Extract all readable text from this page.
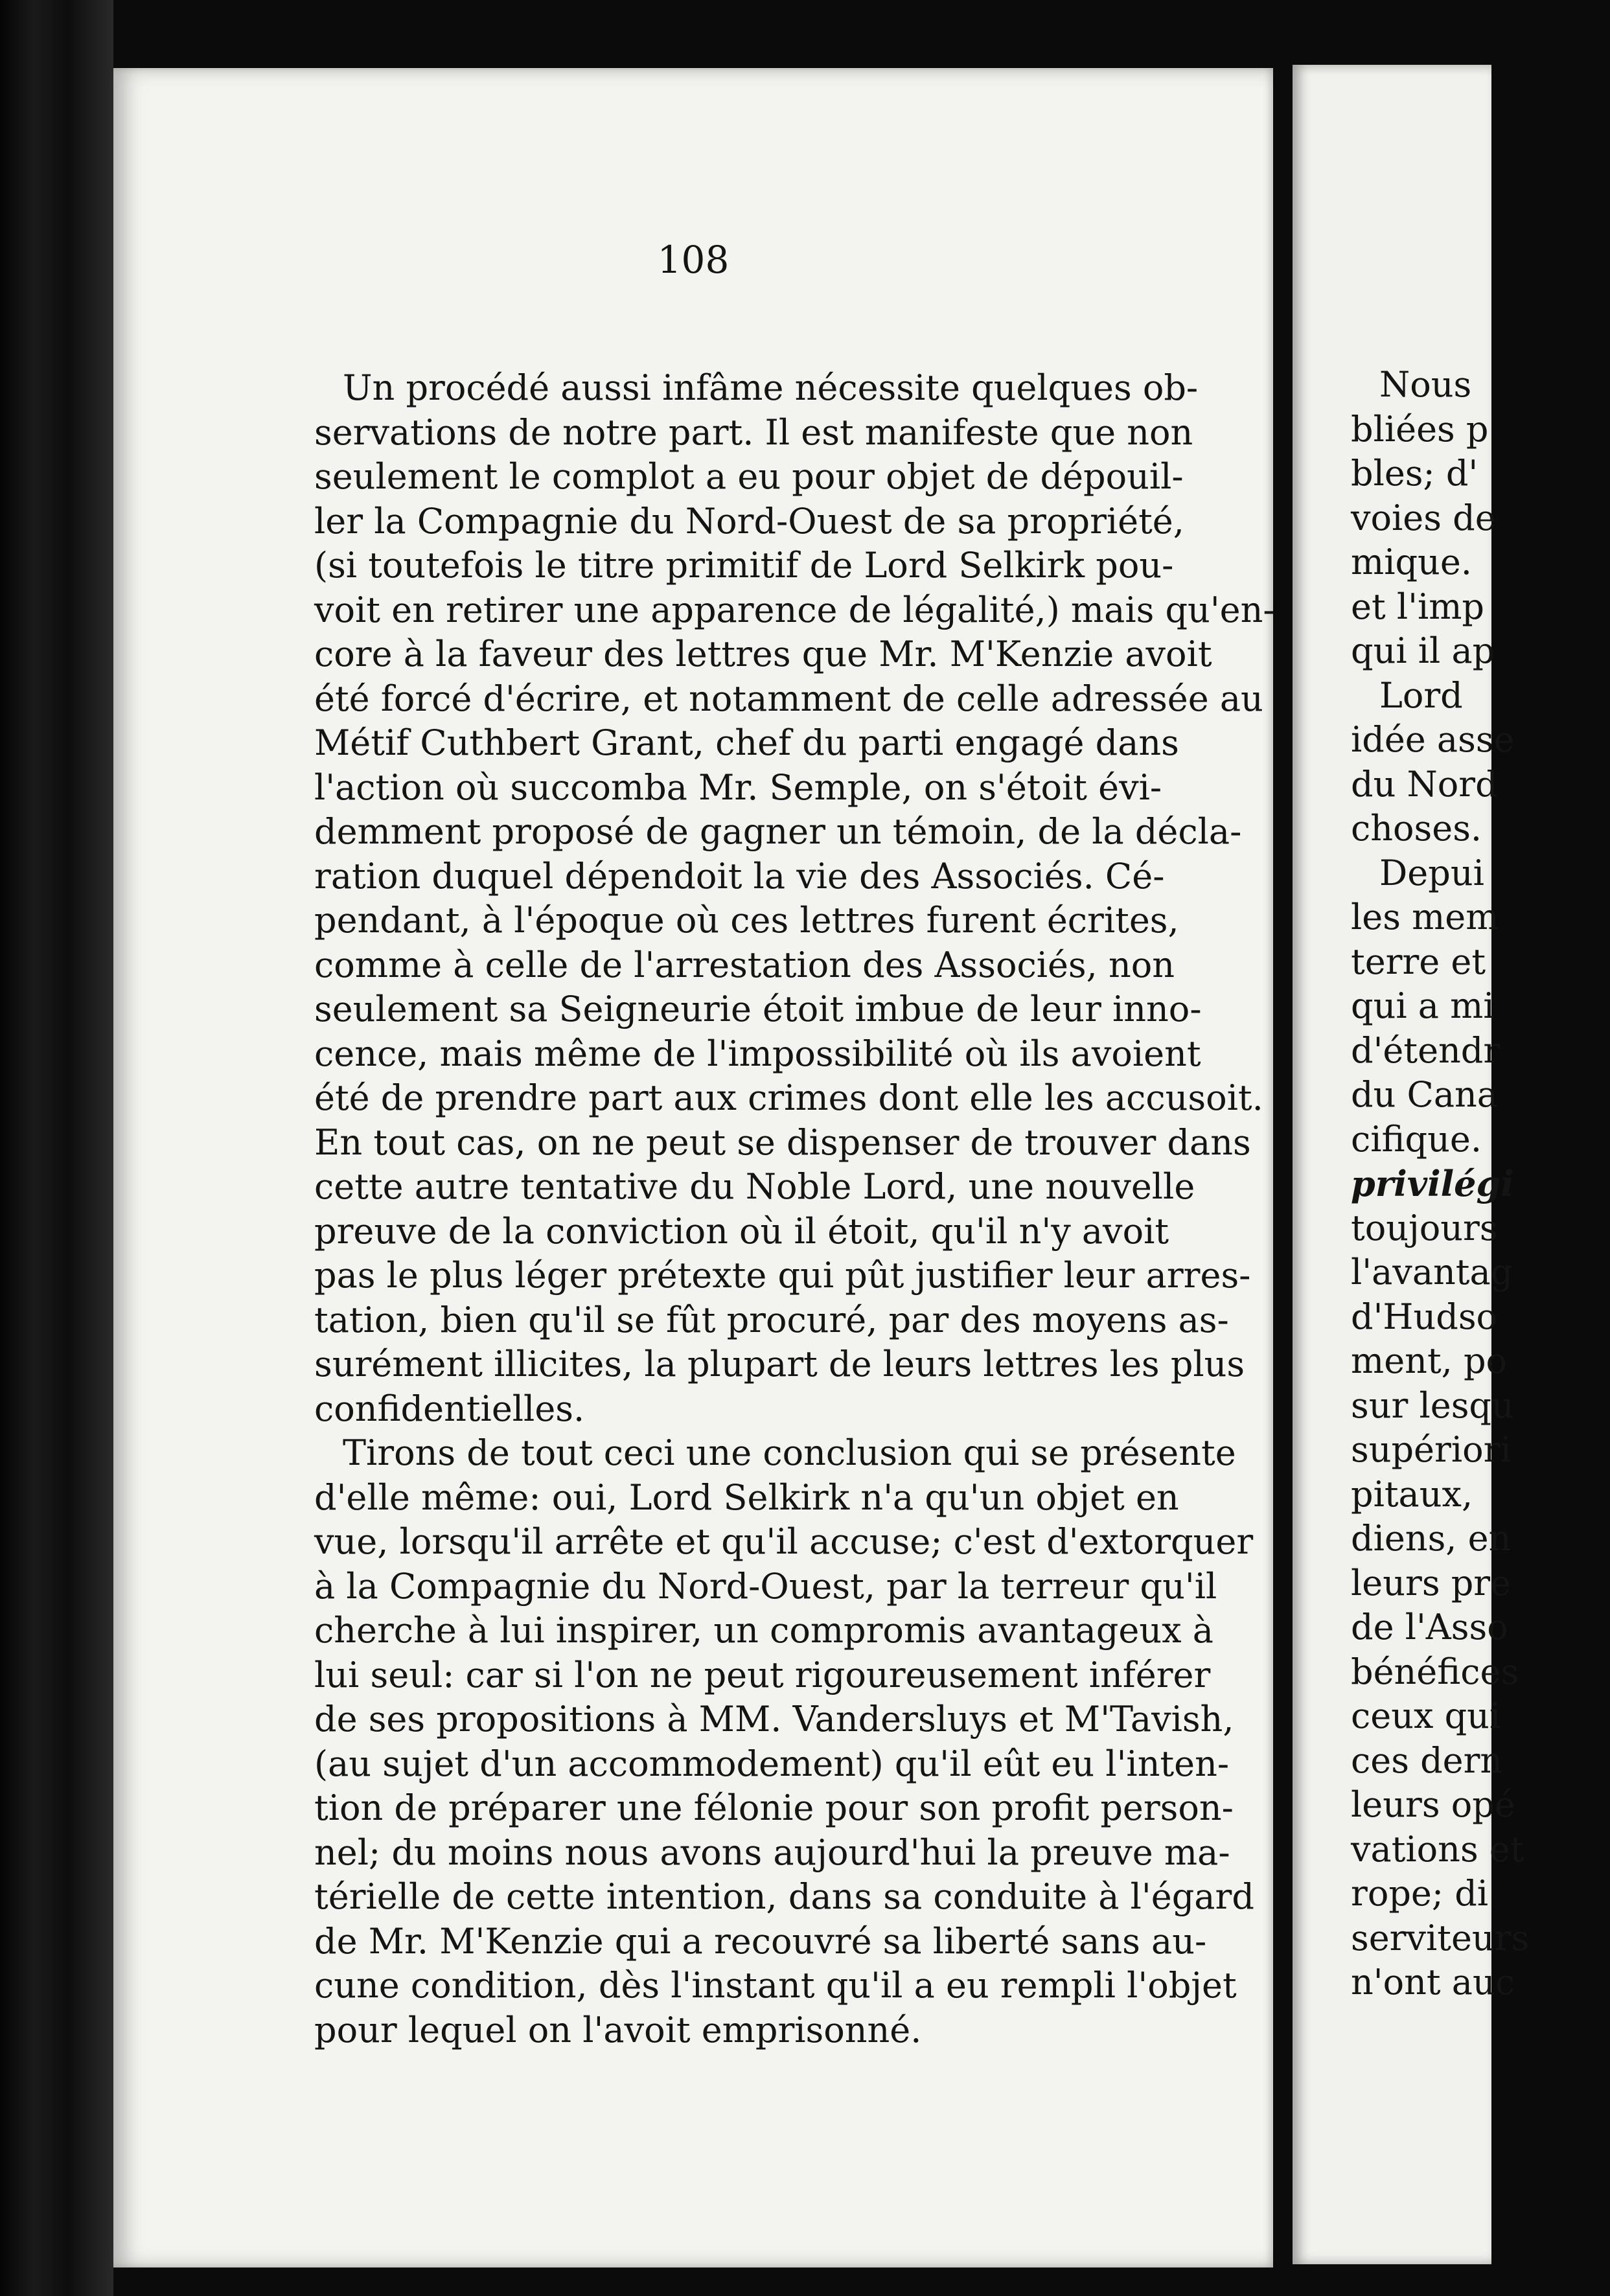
108

Un procédé aussi infâme nécessite quelques ob-
servations de notre part. Il est manifeste que non
seulement le complot a eu pour objet de dépouil-
ler la Compagnie du Nord-Ouest de sa propriété,
(si toutefois le titre primitif de Lord Selkirk pou-
voit en retirer une apparence de légalité,) mais qu'en-
core à la faveur des lettres que Mr. M'Kenzie avoit
été forcé d'écrire, et notamment de celle adressée au
Métif Cuthbert Grant, chef du parti engagé dans
l'action où succomba Mr. Semple, on s'étoit évi-
demment proposé de gagner un témoin, de la décla-
ration duquel dépendoit la vie des Associés. Cé-
pendant, à l'époque où ces lettres furent écrites,
comme à celle de l'arrestation des Associés, non
seulement sa Seigneurie étoit imbue de leur inno-
cence, mais même de l'impossibilité où ils avoient
été de prendre part aux crimes dont elle les accusoit.
En tout cas, on ne peut se dispenser de trouver dans
cette autre tentative du Noble Lord, une nouvelle
preuve de la conviction où il étoit, qu'il n'y avoit
pas le plus léger prétexte qui pût justifier leur arres-
tation, bien qu'il se fût procuré, par des moyens as-
surément illicites, la plupart de leurs lettres les plus
confidentielles.

Tirons de tout ceci une conclusion qui se présente
d'elle même: oui, Lord Selkirk n'a qu'un objet en
vue, lorsqu'il arrête et qu'il accuse; c'est d'extorquer
à la Compagnie du Nord-Ouest, par la terreur qu'il
cherche à lui inspirer, un compromis avantageux à
lui seul: car si l'on ne peut rigoureusement inférer
de ses propositions à MM. Vandersluys et M'Tavish,
(au sujet d'un accommodement) qu'il eût eu l'inten-
tion de préparer une félonie pour son profit person-
nel; du moins nous avons aujourd'hui la preuve ma-
térielle de cette intention, dans sa conduite à l'égard
de Mr. M'Kenzie qui a recouvré sa liberté sans au-
cune condition, dès l'instant qu'il a eu rempli l'objet
pour lequel on l'avoit emprisonné.

Nous
bliées p
bles; d'
voies de
mique.
et l'imp
qui il ap
Lord
idée asse
du Nord
choses.
Depui
les mem
terre et
qui a mi
d'étendr
du Cana
cifique.
privilégi
toujours
l'avantag
d'Hudso
ment, po
sur lesqu
supériori
pitaux,
diens, en
leurs pre
de l'Asso
bénéfices
ceux qui
ces dern
leurs opé
vations et
rope; di
serviteurs
n'ont auc
